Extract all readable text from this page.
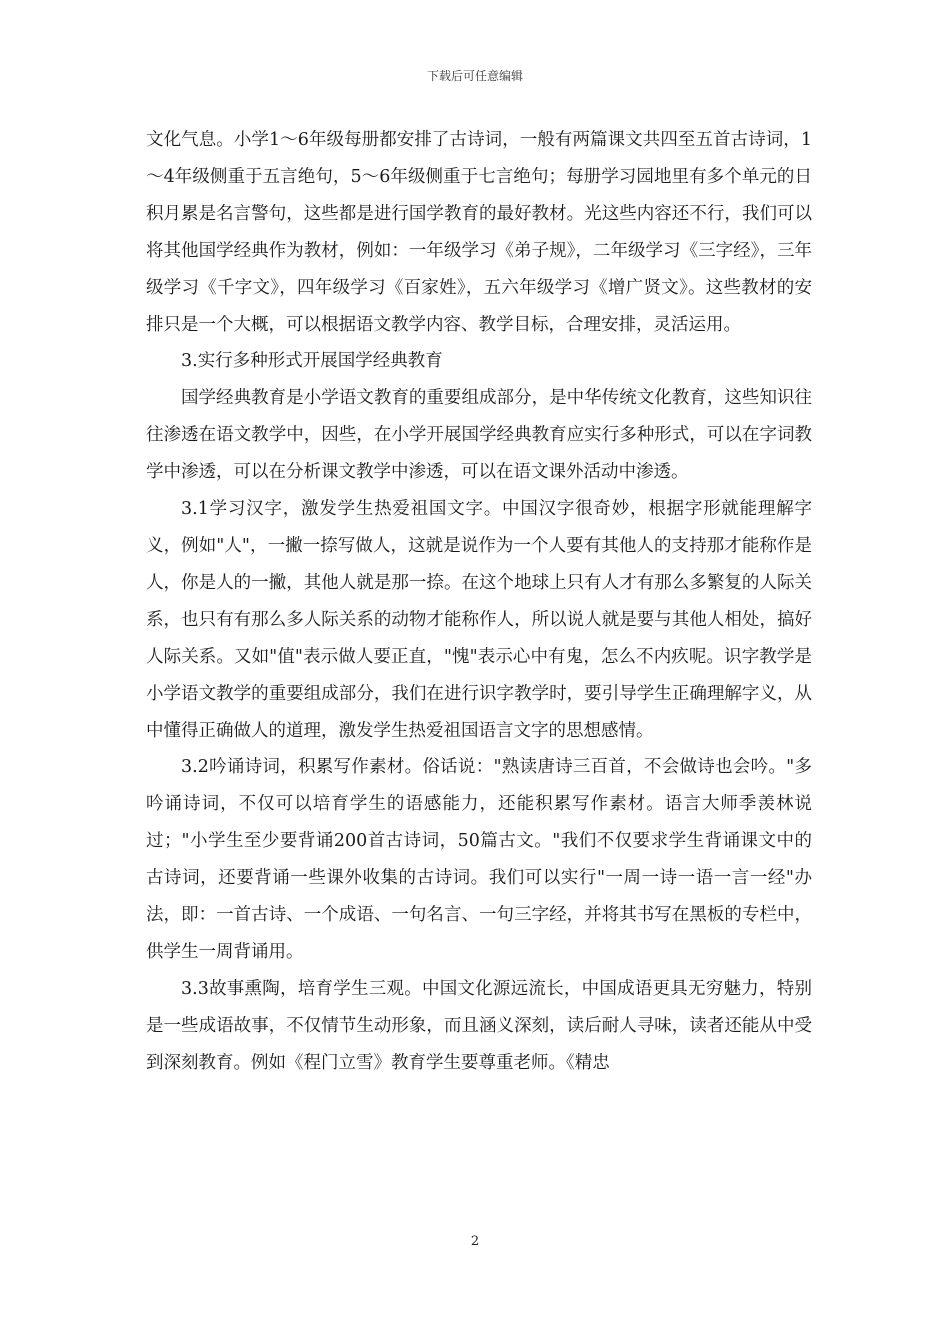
下载后可任意编辑

文化气息。小学1～6年级每册都安排了古诗词，一般有两篇课文共四至五首古诗词，1～4年级侧重于五言绝句，5～6年级侧重于七言绝句；每册学习园地里有多个单元的日积月累是名言警句，这些都是进行国学教育的最好教材。光这些内容还不行，我们可以将其他国学经典作为教材，例如：一年级学习《弟子规》，二年级学习《三字经》，三年级学习《千字文》，四年级学习《百家姓》，五六年级学习《增广贤文》。这些教材的安排只是一个大概，可以根据语文教学内容、教学目标，合理安排，灵活运用。

3.实行多种形式开展国学经典教育

国学经典教育是小学语文教育的重要组成部分，是中华传统文化教育，这些知识往往渗透在语文教学中，因些，在小学开展国学经典教育应实行多种形式，可以在字词教学中渗透，可以在分析课文教学中渗透，可以在语文课外活动中渗透。

3.1学习汉字，激发学生热爱祖国文字。中国汉字很奇妙，根据字形就能理解字义，例如"人"，一撇一捺写做人，这就是说作为一个人要有其他人的支持那才能称作是人，你是人的一撇，其他人就是那一捺。在这个地球上只有人才有那么多繁复的人际关系，也只有有那么多人际关系的动物才能称作人，所以说人就是要与其他人相处，搞好人际关系。又如"值"表示做人要正直，"愧"表示心中有鬼，怎么不内疚呢。识字教学是小学语文教学的重要组成部分，我们在进行识字教学时，要引导学生正确理解字义，从中懂得正确做人的道理，激发学生热爱祖国语言文字的思想感情。

3.2吟诵诗词，积累写作素材。俗话说："熟读唐诗三百首，不会做诗也会吟。"多吟诵诗词，不仅可以培育学生的语感能力，还能积累写作素材。语言大师季羡林说过；"小学生至少要背诵200首古诗词，50篇古文。"我们不仅要求学生背诵课文中的古诗词，还要背诵一些课外收集的古诗词。我们可以实行"一周一诗一语一言一经"办法，即：一首古诗、一个成语、一句名言、一句三字经，并将其书写在黑板的专栏中，供学生一周背诵用。

3.3故事熏陶，培育学生三观。中国文化源远流长，中国成语更具无穷魅力，特别是一些成语故事，不仅情节生动形象，而且涵义深刻，读后耐人寻味，读者还能从中受到深刻教育。例如《程门立雪》教育学生要尊重老师。《精忠

2
